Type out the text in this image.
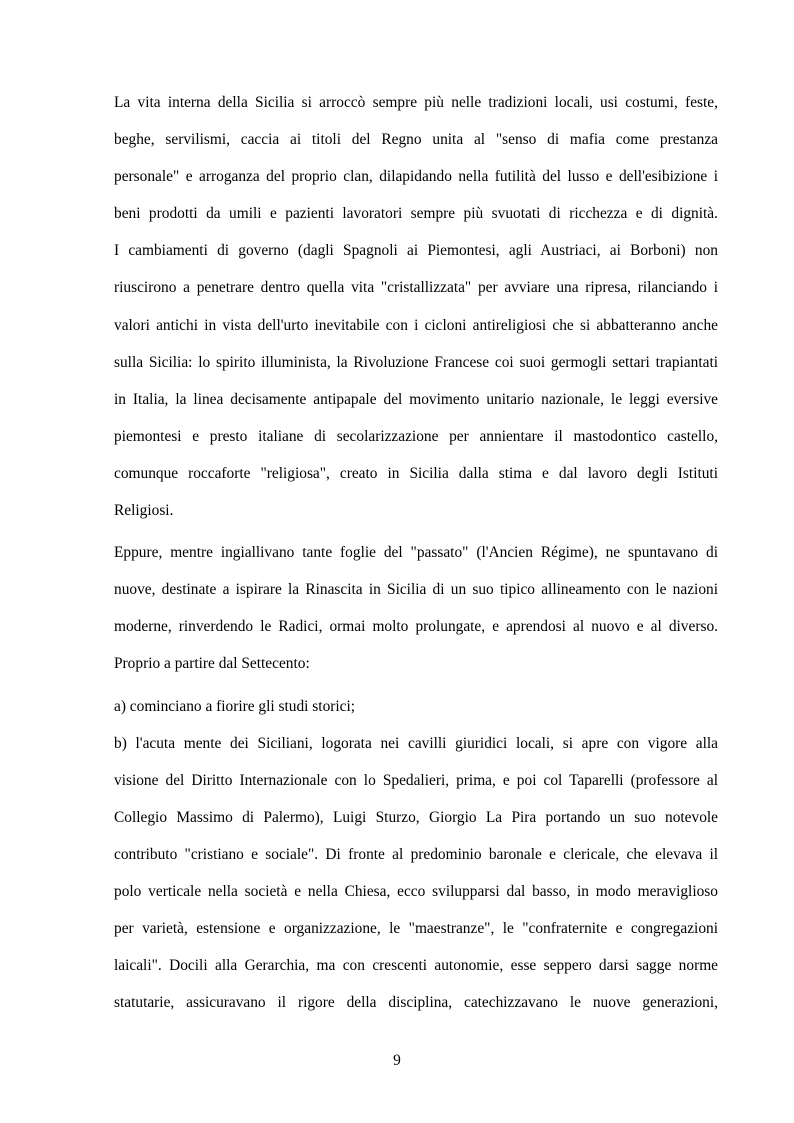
La vita interna della Sicilia si arroccò sempre più nelle tradizioni locali, usi costumi, feste,
beghe, servilismi, caccia ai titoli del Regno unita al "senso di mafia come prestanza
personale" e arroganza del proprio clan, dilapidando nella futilità del lusso e dell'esibizione i
beni prodotti da umili e pazienti lavoratori sempre più svuotati di ricchezza e di dignità.
I cambiamenti di governo (dagli Spagnoli ai Piemontesi, agli Austriaci, ai Borboni) non
riuscirono a penetrare dentro quella vita "cristallizzata" per avviare una ripresa, rilanciando i
valori antichi in vista dell'urto inevitabile con i cicloni antireligiosi che si abbatteranno anche
sulla Sicilia: lo spirito illuminista, la Rivoluzione Francese coi suoi germogli settari trapiantati
in Italia, la linea decisamente antipapale del movimento unitario nazionale, le leggi eversive
piemontesi e presto italiane di secolarizzazione per annientare il mastodontico castello,
comunque roccaforte "religiosa", creato in Sicilia dalla stima e dal lavoro degli Istituti
Religiosi.
Eppure, mentre ingiallivano tante foglie del "passato" (l'Ancien Régime), ne spuntavano di
nuove, destinate a ispirare la Rinascita in Sicilia di un suo tipico allineamento con le nazioni
moderne, rinverdendo le Radici, ormai molto prolungate, e aprendosi al nuovo e al diverso.
Proprio a partire dal Settecento:
a) cominciano a fiorire gli studi storici;
b) l'acuta mente dei Siciliani, logorata nei cavilli giuridici locali, si apre con vigore alla
visione del Diritto Internazionale con lo Spedalieri, prima, e poi col Taparelli (professore al
Collegio Massimo di Palermo), Luigi Sturzo, Giorgio La Pira portando un suo notevole
contributo "cristiano e sociale". Di fronte al predominio baronale e clericale, che elevava il
polo verticale nella società e nella Chiesa, ecco svilupparsi dal basso, in modo meraviglioso
per varietà, estensione e organizzazione, le "maestranze", le "confraternite e congregazioni
laicali". Docili alla Gerarchia, ma con crescenti autonomie, esse seppero darsi sagge norme
statutarie, assicuravano il rigore della disciplina, catechizzavano le nuove generazioni,
9
